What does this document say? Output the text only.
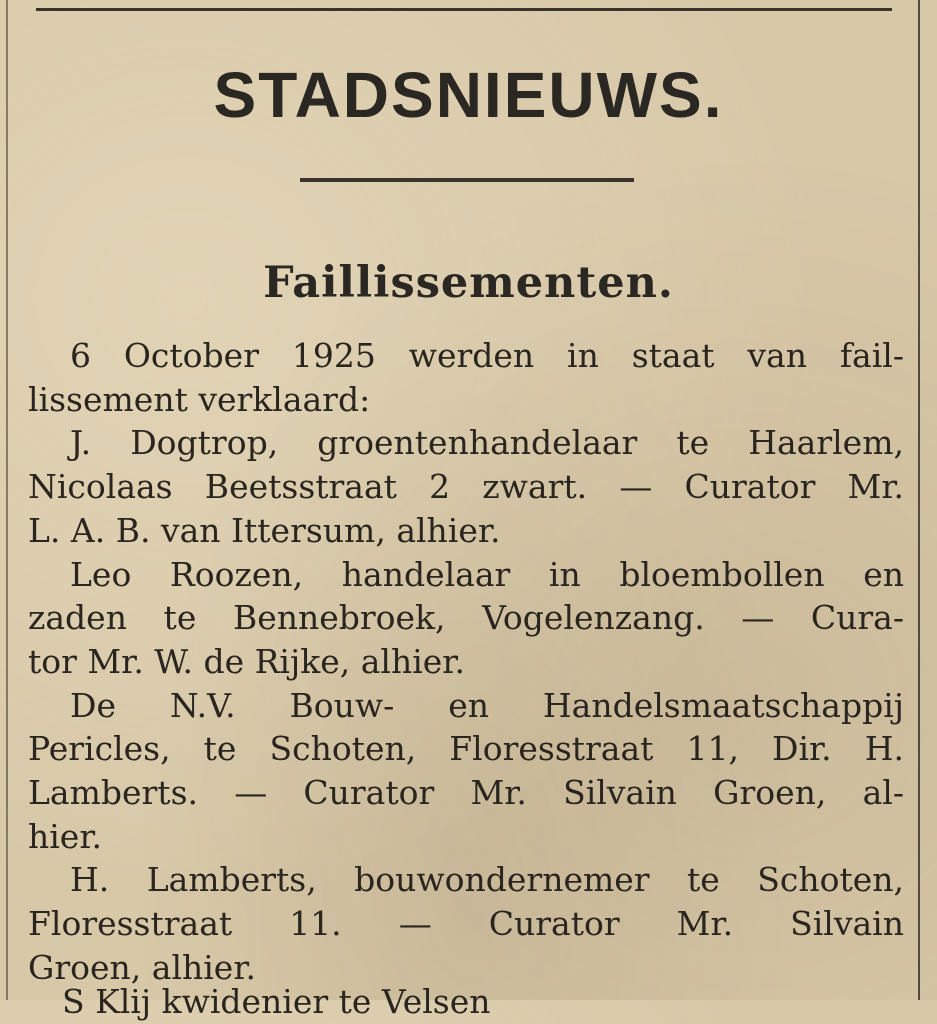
STADSNIEUWS.
Faillissementen.

6 October 1925 werden in staat van fail-
lissement verklaard:

J. Dogtrop, groentenhandelaar te Haarlem,
Nicolaas Beetsstraat 2 zwart. — Curator Mr.
L. A. B. van Ittersum, alhier.

Leo Roozen, handelaar in bloembollen en
zaden te Bennebroek, Vogelenzang. — Cura-
tor Mr. W. de Rijke, alhier.

De N.V. Bouw- en Handelsmaatschappij
Pericles, te Schoten, Floresstraat 11, Dir. H.
Lamberts. — Curator Mr. Silvain Groen, al-
hier.

H. Lamberts, bouwondernemer te Schoten,
Floresstraat 11. — Curator Mr. Silvain
Groen, alhier.

S Klij kwidenier te Velsen
